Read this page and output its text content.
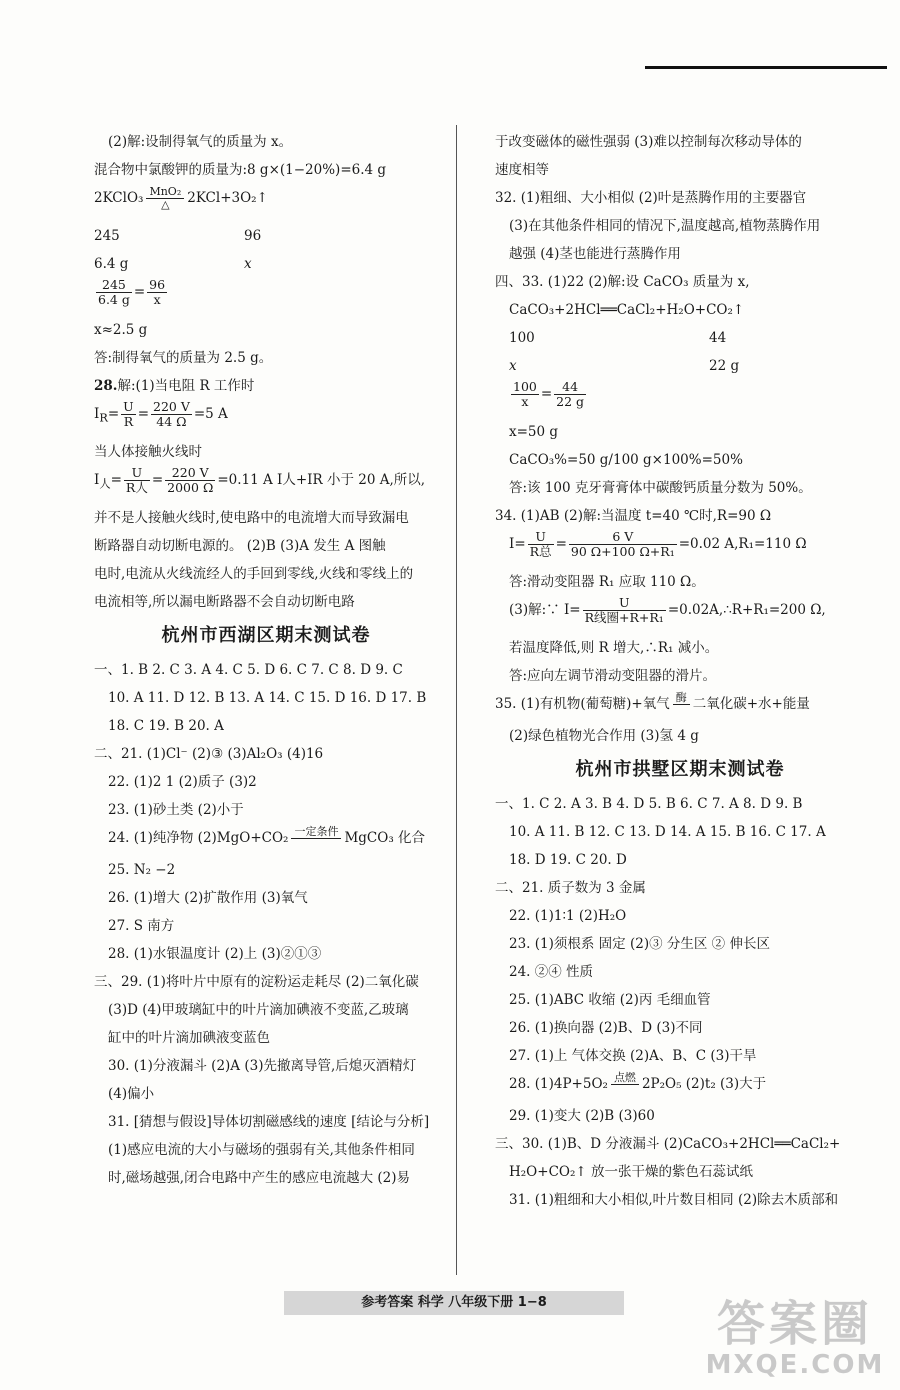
(2)解:设制得氧气的质量为 x。
混合物中氯酸钾的质量为:8 g×(1−20%)=6.4 g
2KClO₃ MnO₂
△	2KCl+3O₂↑
245	96
6.4 g	x
$\frac{245}{6.4 g} = \frac{96}{x}$
x≈2.5 g
答:制得氧气的质量为 2.5 g。
28.解:(1)当电阻 R 工作时
$I_R= \frac{U}{R} = \frac{220 V}{44 \Omega} =5$ A
当人体接触火线时
$I_人= \frac{U}{\text{R人}} = \frac{220 V}{2000 \Omega} =0.11$ A I人+IR 小于 20 A,所以,
并不是人接触火线时,使电路中的电流增大而导致漏电
断路器自动切断电源的。 (2)B (3)A 发生 A 图触
电时,电流从火线流经人的手回到零线,火线和零线上的
电流相等,所以漏电断路器不会自动切断电路
杭州市西湖区期末测试卷
一、1. B 2. C 3. A 4. C 5. D 6. C 7. C 8. D 9. C
10. A 11. D 12. B 13. A 14. C 15. D 16. D 17. B
18. C 19. B 20. A
二、21. (1)Cl⁻ (2)③ (3)Al₂O₃ (4)16
22. (1)2 1 (2)质子 (3)2
23. (1)砂土类 (2)小于
24. (1)纯净物 (2)MgO+CO₂ 一定条件
MgCO₃ 化合
25. N₂ −2
26. (1)增大 (2)扩散作用 (3)氧气
27. S 南方
28. (1)水银温度计 (2)上 (3)②①③
三、29. (1)将叶片中原有的淀粉运走耗尽 (2)二氧化碳
(3)D (4)甲玻璃缸中的叶片滴加碘液不变蓝,乙玻璃
缸中的叶片滴加碘液变蓝色
30. (1)分液漏斗 (2)A (3)先撤离导管,后熄灭酒精灯
(4)偏小
31. [猜想与假设]导体切割磁感线的速度 [结论与分析]
(1)感应电流的大小与磁场的强弱有关,其他条件相同
时,磁场越强,闭合电路中产生的感应电流越大 (2)易
于改变磁体的磁性强弱 (3)难以控制每次移动导体的
速度相等
32. (1)粗细、大小相似 (2)叶是蒸腾作用的主要器官
(3)在其他条件相同的情况下,温度越高,植物蒸腾作用
越强 (4)茎也能进行蒸腾作用
四、33. (1)22 (2)解:设 CaCO₃ 质量为 x,
CaCO₃+2HCl══CaCl₂+H₂O+CO₂↑
100	44
x	22 g
$\frac{100}{x} = \frac{44}{22 g}$
x=50 g
CaCO₃%=50 g/100 g×100%=50%
答:该 100 克牙膏膏体中碳酸钙质量分数为 50%。
34. (1)AB (2)解:当温度 t=40 ℃时,R=90 Ω
$I= \frac{U}{\text{R总}} = \frac{6 V}{\text{90 Ω+100 Ω+R₁}} =0.02$ A,R₁=110 Ω
答:滑动变阻器 R₁ 应取 110 Ω。
(3)解:∵ $I= \frac{U}{\text{R线圈+R+R₁}}$ =0.02A,∴R+R₁=200 Ω,
若温度降低,则 R 增大,∴R₁ 减小。
答:应向左调节滑动变阻器的滑片。
35. (1)有机物(葡萄糖)+氧气 酶
二氧化碳+水+能量
(2)绿色植物光合作用 (3)氢 4 g
杭州市拱墅区期末测试卷
一、1. C 2. A 3. B 4. D 5. B 6. C 7. A 8. D 9. B
10. A 11. B 12. C 13. D 14. A 15. B 16. C 17. A
18. D 19. C 20. D
二、21. 质子数为 3 金属
22. (1)1∶1 (2)H₂O
23. (1)须根系 固定 (2)③ 分生区 ② 伸长区
24. ②④ 性质
25. (1)ABC 收缩 (2)丙 毛细血管
26. (1)换向器 (2)B、D (3)不同
27. (1)上 气体交换 (2)A、B、C (3)干旱
28. (1)4P+5O₂ 点燃
2P₂O₅ (2)t₂ (3)大于
29. (1)变大 (2)B (3)60
三、30. (1)B、D 分液漏斗 (2)CaCO₃+2HCl══CaCl₂+
H₂O+CO₂↑ 放一张干燥的紫色石蕊试纸
31. (1)粗细和大小相似,叶片数目相同 (2)除去木质部和
参考答案 科学 八年级下册 1−8	答案圈
MXQE.COM
